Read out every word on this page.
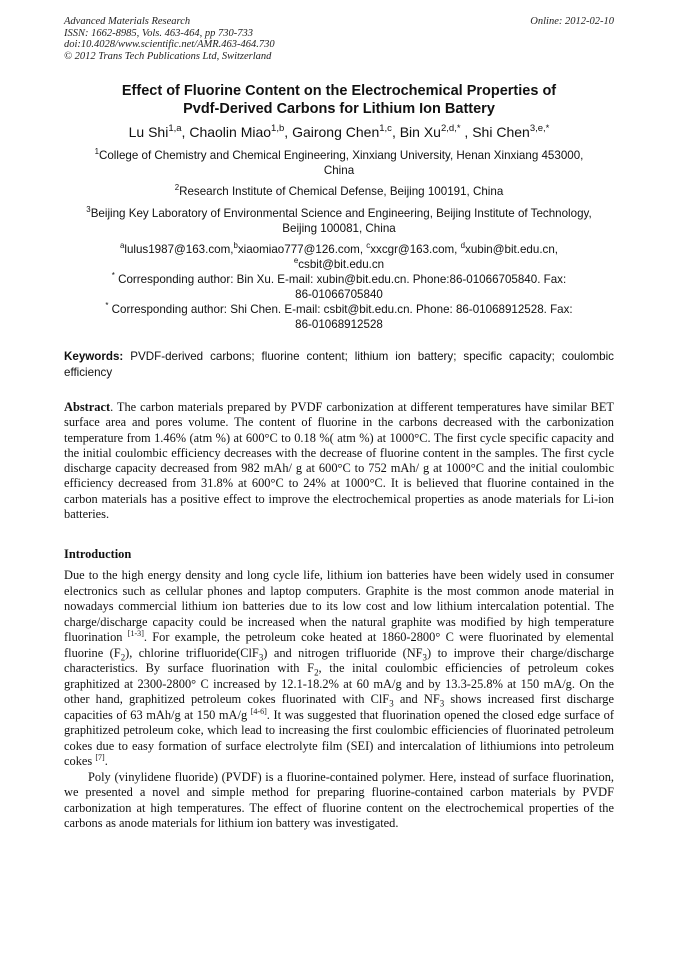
Advanced Materials Research
ISSN: 1662-8985, Vols. 463-464, pp 730-733
doi:10.4028/www.scientific.net/AMR.463-464.730
© 2012 Trans Tech Publications Ltd, Switzerland
Online: 2012-02-10
Effect of Fluorine Content on the Electrochemical Properties of
Pvdf-Derived Carbons for Lithium Ion Battery
Lu Shi$^{1,a}$, Chaolin Miao$^{1,b}$, Gairong Chen$^{1,c}$, Bin $Xu^{2,d,*}$ , Shi Chen$^{3,e,*}$
$^1$College of Chemistry and Chemical Engineering, Xinxiang University, Henan Xinxiang 453000,
China
$^2$Research Institute of Chemical Defense, Beijing 100191, China
$^3$Beijing Key Laboratory of Environmental Science and Engineering, Beijing Institute of Technology,
Beijing 100081, China
$^a$lulus1987@163.com,$^b$xiaomiao777@126.com, $^c$xxcgr@163.com, $^d$xubin@bit.edu.cn,
$^e$csbit@bit.edu.cn
* Corresponding author: Bin Xu. E-mail: xubin@bit.edu.cn. Phone:86-01066705840. Fax:
86-01066705840
* Corresponding author: Shi Chen. E-mail: csbit@bit.edu.cn. Phone: 86-01068912528. Fax:
86-01068912528
Keywords: PVDF-derived carbons; fluorine content; lithium ion battery; specific capacity; coulombic efficiency
Abstract. The carbon materials prepared by PVDF carbonization at different temperatures have similar BET surface area and pores volume. The content of fluorine in the carbons decreased with the carbonization temperature from 1.46% (atm %) at 600°C to 0.18 %( atm %) at 1000°C. The first cycle specific capacity and the initial coulombic efficiency decreases with the decrease of fluorine content in the samples. The first cycle discharge capacity decreased from 982 mAh/ g at 600°C to 752 mAh/ g at 1000°C and the initial coulombic efficiency decreased from 31.8% at 600°C to 24% at 1000°C. It is believed that fluorine contained in the carbon materials has a positive effect to improve the electrochemical properties as anode materials for Li-ion batteries.
Introduction

Due to the high energy density and long cycle life, lithium ion batteries have been widely used in consumer electronics such as cellular phones and laptop computers. Graphite is the most common anode material in nowadays commercial lithium ion batteries due to its low cost and low lithium intercalation potential. The charge/discharge capacity could be increased when the natural graphite was modified by high temperature fluorination [1-3]. For example, the petroleum coke heated at 1860-2800° C were fluorinated by elemental fluorine $(F_2)$, chlorine trifluoride(ClF$_3$) and nitrogen trifluoride $(NF_3)$ to improve their charge/discharge characteristics. By surface fluorination with $F_2$, the inital coulombic efficiencies of petroleum cokes graphitized at 2300-2800° C increased by 12.1-18.2% at 60 mA/g and by 13.3-25.8% at 150 mA/g. On the other hand, graphitized petroleum cokes fluorinated with ClF$_3$ and $NF_3$ shows increased first discharge capacities of 63 mAh/g at 150 mA/g [4-6]. It was suggested that fluorination opened the closed edge surface of graphitized petroleum coke, which lead to increasing the first coulombic efficiencies of fluorinated petroleum cokes due to easy formation of surface electrolyte film (SEI) and intercalation of lithiumions into petroleum cokes [7].

Poly (vinylidene fluoride) (PVDF) is a fluorine-contained polymer. Here, instead of surface fluorination, we presented a novel and simple method for preparing fluorine-contained carbon materials by PVDF carbonization at high temperatures. The effect of fluorine content on the electrochemical properties of the carbons as anode materials for lithium ion battery was investigated.
